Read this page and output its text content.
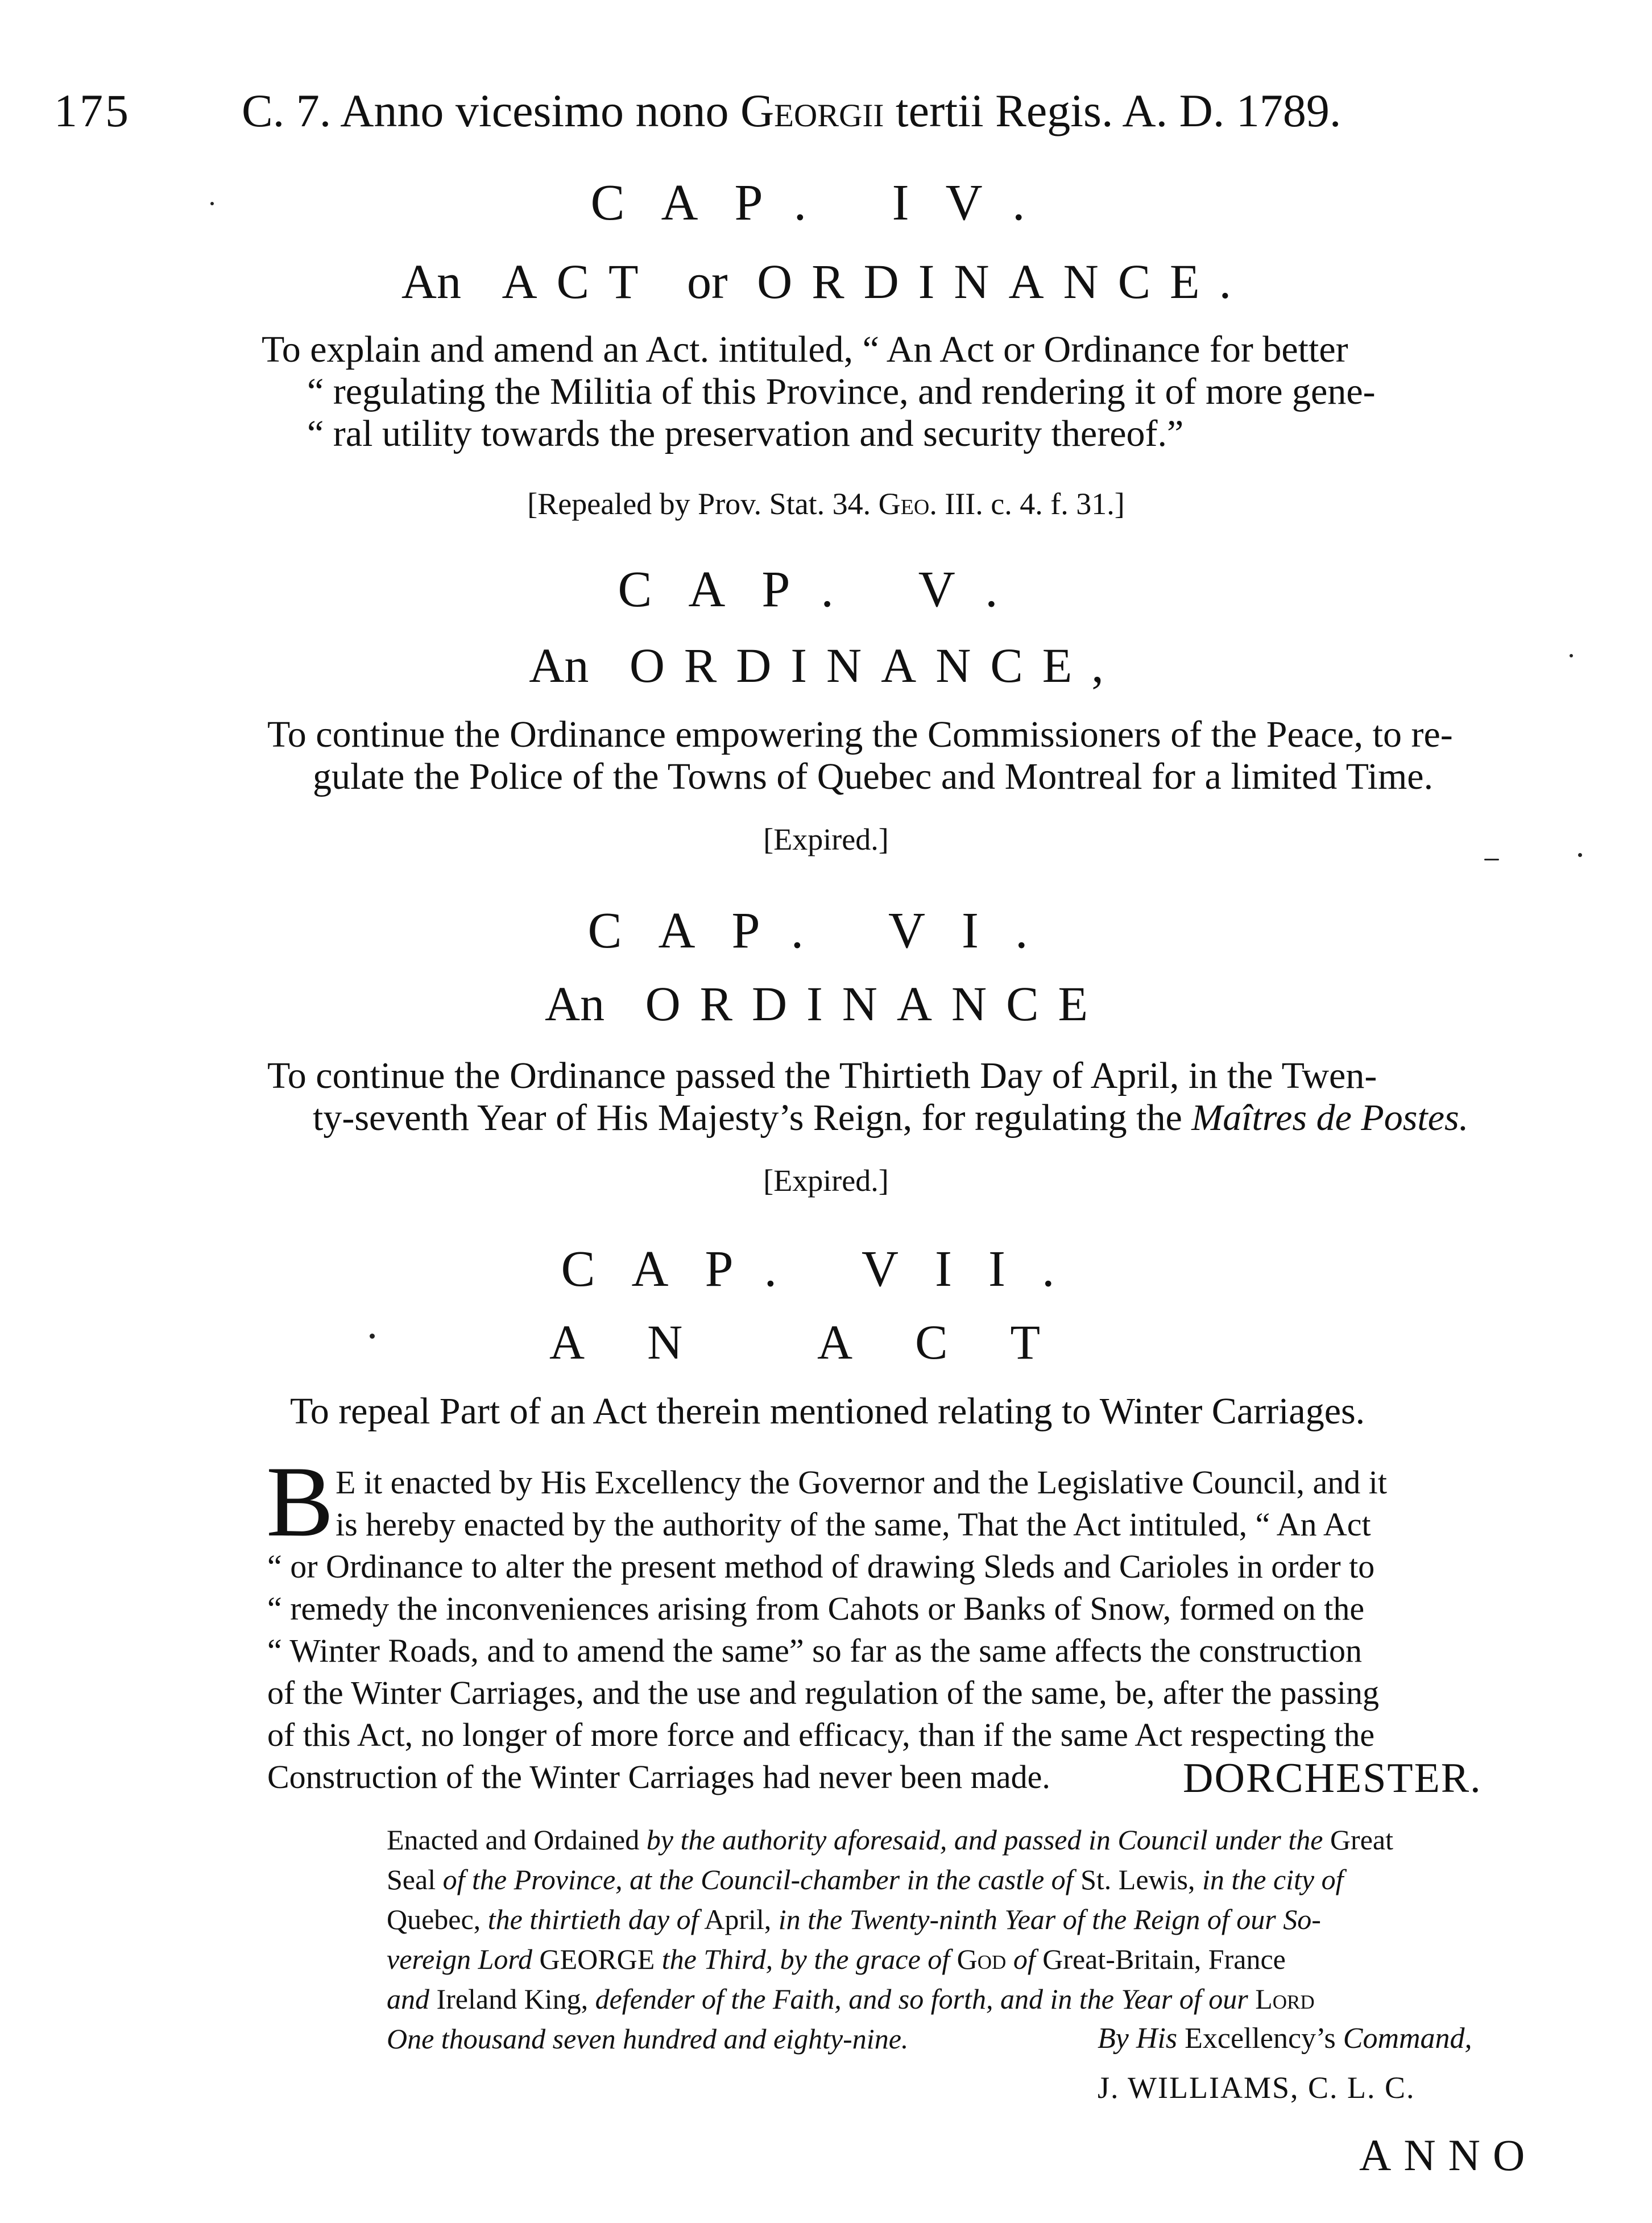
175 C. 7. Anno vicesimo nono Georgii tertii Regis. A. D. 1789.
CAP. IV.
An ACT or ORDINANCE.
To explain and amend an Act. intituled, “ An Act or Ordinance for better
“ regulating the Militia of this Province, and rendering it of more gene-
“ ral utility towards the preservation and security thereof.”
[Repealed by Prov. Stat. 34. Geo. III. c. 4. f. 31.]
CAP. V.
An ORDINANCE,
To continue the Ordinance empowering the Commissioners of the Peace, to re-
gulate the Police of the Towns of Quebec and Montreal for a limited Time.
[Expired.]
CAP. VI.
An ORDINANCE
To continue the Ordinance passed the Thirtieth Day of April, in the Twen-
ty-seventh Year of His Majesty’s Reign, for regulating the Maîtres de Postes.
[Expired.]
CAP. VII.
AN ACT
To repeal Part of an Act therein mentioned relating to Winter Carriages.
B E it enacted by His Excellency the Governor and the Legislative Council, and it
is hereby enacted by the authority of the same, That the Act intituled, “ An Act
“ or Ordinance to alter the present method of drawing Sleds and Carioles in order to
“ remedy the inconveniences arising from Cahots or Banks of Snow, formed on the
“ Winter Roads, and to amend the same” so far as the same affects the construction
of the Winter Carriages, and the use and regulation of the same, be, after the passing
of this Act, no longer of more force and efficacy, than if the same Act respecting the
Construction of the Winter Carriages had never been made.	DORCHESTER.
Enacted and Ordained by the authority aforesaid, and passed in Council under the Great
Seal of the Province, at the Council-chamber in the castle of St. Lewis, in the city of
Quebec, the thirtieth day of April, in the Twenty-ninth Year of the Reign of our So-
vereign Lord GEORGE the Third, by the grace of God of Great-Britain, France
and Ireland King, defender of the Faith, and so forth, and in the Year of our Lord
One thousand seven hundred and eighty-nine.	By His Excellency’s Command,
J. WILLIAMS, C. L. C.
ANNO
